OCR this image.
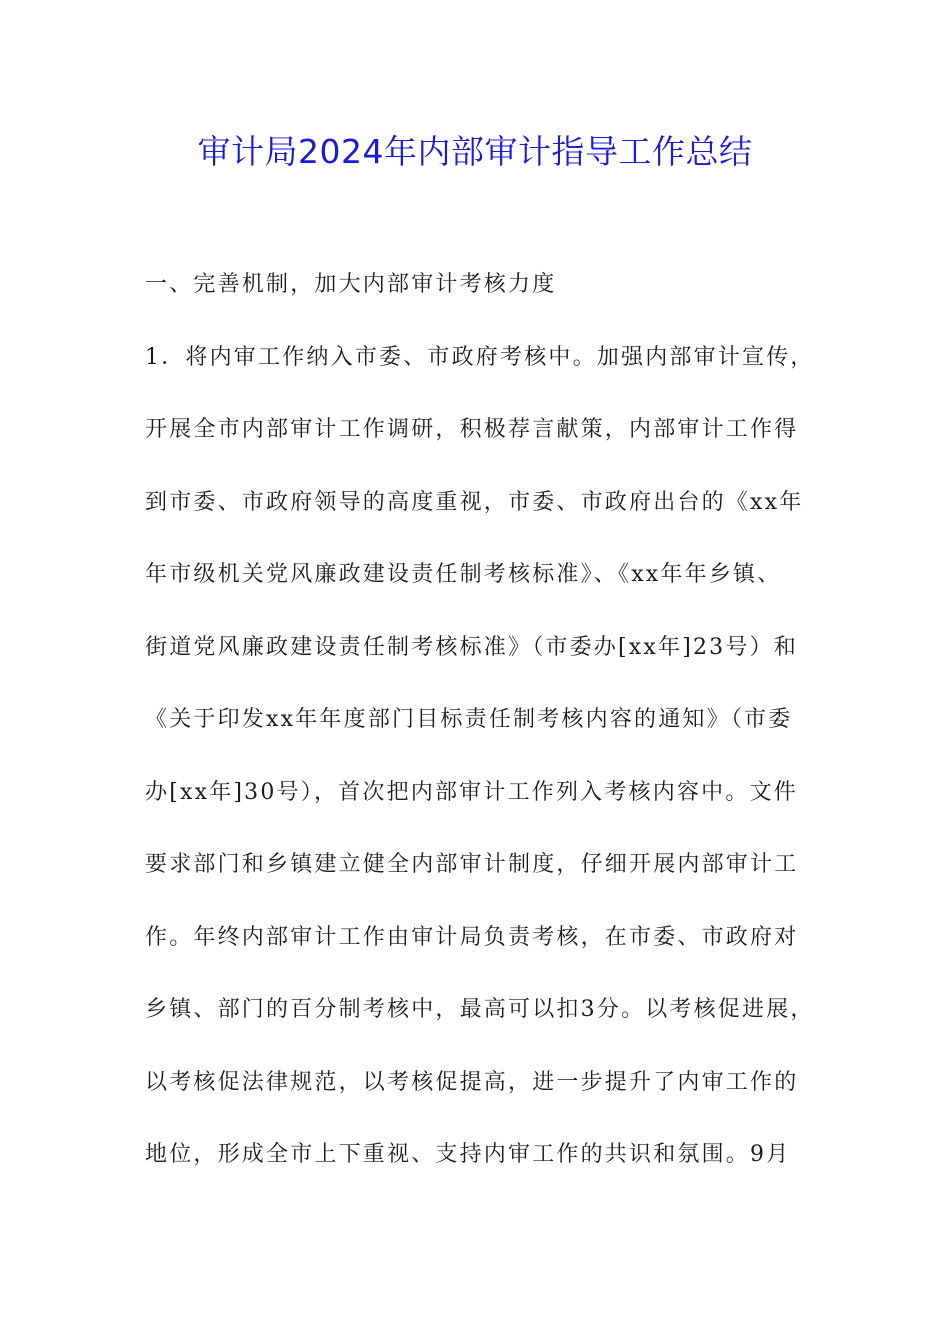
审计局2024年内部审计指导工作总结
一、完善机制，加大内部审计考核力度
1．将内审工作纳入市委、市政府考核中。加强内部审计宣传，
开展全市内部审计工作调研，积极荐言献策，内部审计工作得
到市委、市政府领导的高度重视，市委、市政府出台的《xx年
年市级机关党风廉政建设责任制考核标准》、《xx年年乡镇、
街道党风廉政建设责任制考核标准》（市委办[xx年]23号）和
《关于印发xx年年度部门目标责任制考核内容的通知》（市委
办[xx年]30号），首次把内部审计工作列入考核内容中。文件
要求部门和乡镇建立健全内部审计制度，仔细开展内部审计工
作。年终内部审计工作由审计局负责考核，在市委、市政府对
乡镇、部门的百分制考核中，最高可以扣3分。以考核促进展，
以考核促法律规范，以考核促提高，进一步提升了内审工作的
地位，形成全市上下重视、支持内审工作的共识和氛围。9月
